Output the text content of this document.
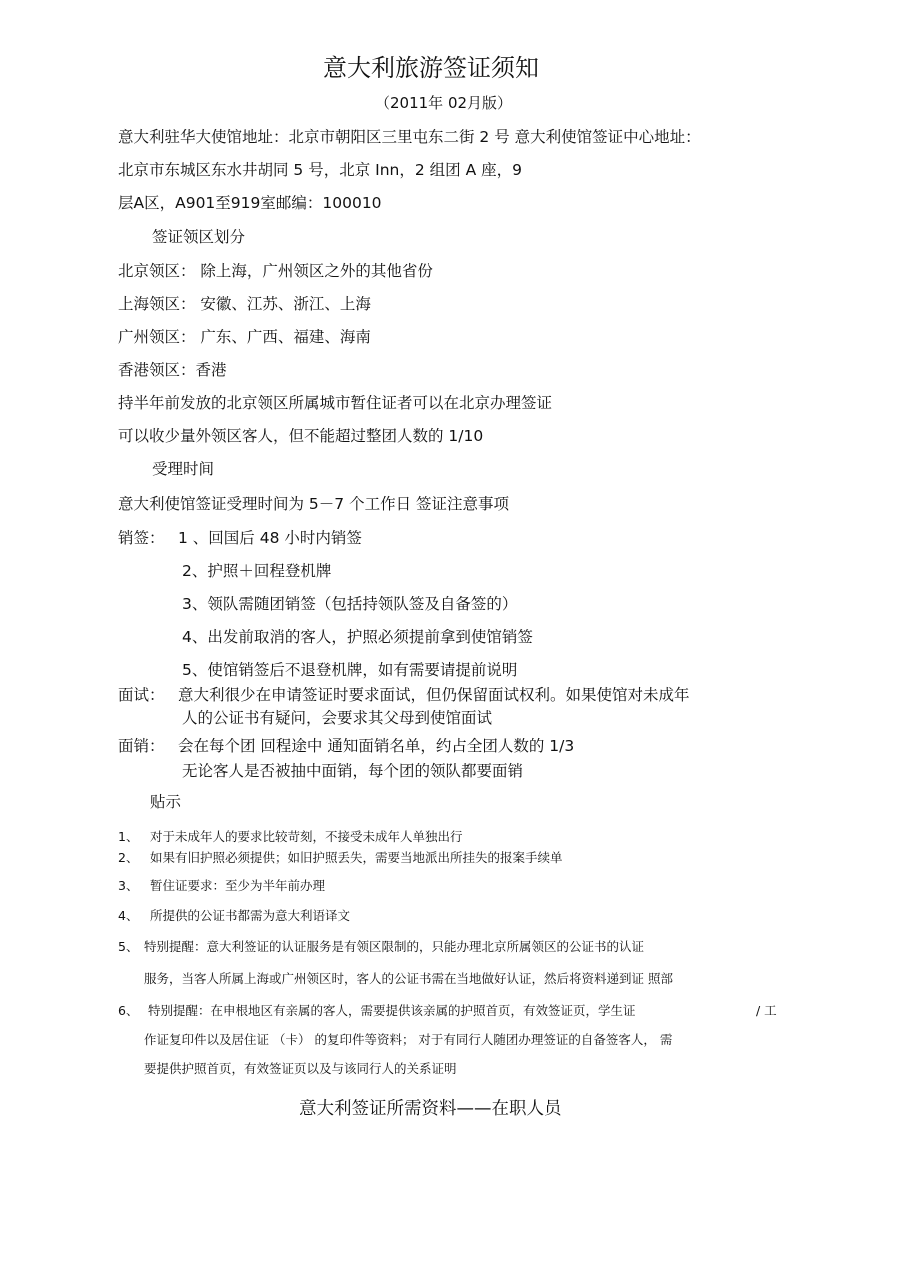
意大利旅游签证须知
（2011年 02月版）
意大利驻华大使馆地址：北京市朝阳区三里屯东二街 2 号 意大利使馆签证中心地址：
北京市东城区东水井胡同 5 号，北京 Inn，2 组团 A 座，9
层A区，A901至919室邮编：100010
签证领区划分
北京领区： 除上海，广州领区之外的其他省份
上海领区： 安徽、江苏、浙江、上海
广州领区： 广东、广西、福建、海南
香港领区：香港
持半年前发放的北京领区所属城市暂住证者可以在北京办理签证
可以收少量外领区客人，但不能超过整团人数的 1/10
受理时间
意大利使馆签证受理时间为 5－7 个工作日 签证注意事项
销签： 1 、回国后 48 小时内销签
2、护照＋回程登机牌
3、领队需随团销签（包括持领队签及自备签的）
4、出发前取消的客人，护照必须提前拿到使馆销签
5、使馆销签后不退登机牌，如有需要请提前说明
面试： 意大利很少在申请签证时要求面试，但仍保留面试权利。如果使馆对未成年
人的公证书有疑问，会要求其父母到使馆面试
面销： 会在每个团 回程途中 通知面销名单，约占全团人数的 1/3
无论客人是否被抽中面销，每个团的领队都要面销
贴示
1、 对于未成年人的要求比较苛刻，不接受未成年人单独出行
2、 如果有旧护照必须提供；如旧护照丢失，需要当地派出所挂失的报案手续单
3、 暂住证要求：至少为半年前办理
4、 所提供的公证书都需为意大利语译文
5、 特别提醒：意大利签证的认证服务是有领区限制的，只能办理北京所属领区的公证书的认证
服务，当客人所属上海或广州领区时，客人的公证书需在当地做好认证，然后将资料递到证 照部
6、 特别提醒：在申根地区有亲属的客人，需要提供该亲属的护照首页，有效签证页，学生证	/ 工
作证复印件以及居住证 （卡） 的复印件等资料； 对于有同行人随团办理签证的自备签客人， 需
要提供护照首页，有效签证页以及与该同行人的关系证明
意大利签证所需资料——在职人员
